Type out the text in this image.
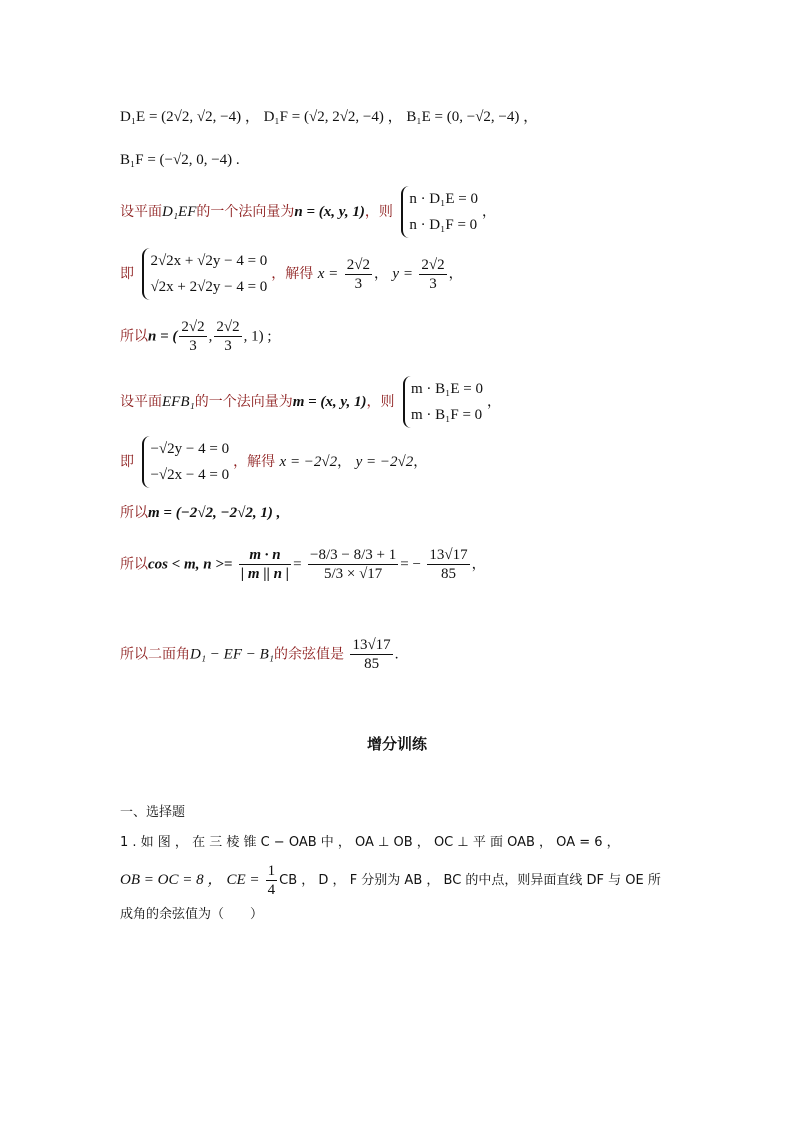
D₁E = (2√2, √2, −4) ， D₁F = (√2, 2√2, −4) ， B₁E = (0, −√2, −4) ，
B₁F = (−√2, 0, −4) .
设平面D₁EF的一个法向量为n = (x, y, 1)，则
n · D₁E = 0
n · D₁F = 0
，
即
2√2x + √2y − 4 = 0
√2x + 2√2y − 4 = 0
，解得 $x = \frac{2√2}{3}$ ， $y = \frac{2√2}{3}$ ，
所以n = ( $\frac{2√2}{3}$ , $\frac{2√2}{3}$ , 1) ;
设平面EFB₁的一个法向量为m = (x, y, 1)，则
m · B₁E = 0
m · B₁F = 0
，
即
−√2y − 4 = 0
−√2x − 4 = 0
，解得 x = −2√2， y = −2√2，
所以m = (−2√2, −2√2, 1) ,
所以cos < m, $n >= \frac{m \cdot n}{| m || n |} = \frac{-8/3 - 8/3 + 1}{5/3 \times √17}$ = − $\frac{13√17}{85}$ ，
所以二面角D₁ − EF − B₁的余弦值是 $\frac{13√17}{85}$ .
增分训练
一、选择题
1 . 如 图 ， 在 三 棱 锥 C − OAB 中 ， OA ⊥ OB ， OC ⊥ 平 面 OAB ， OA = 6 ，
OB = OC = 8 ， CE = $\frac{1}{4}$ CB ， D ， F 分别为 AB ， BC 的中点，则异面直线 DF 与 OE 所
成角的余弦值为（　　）
